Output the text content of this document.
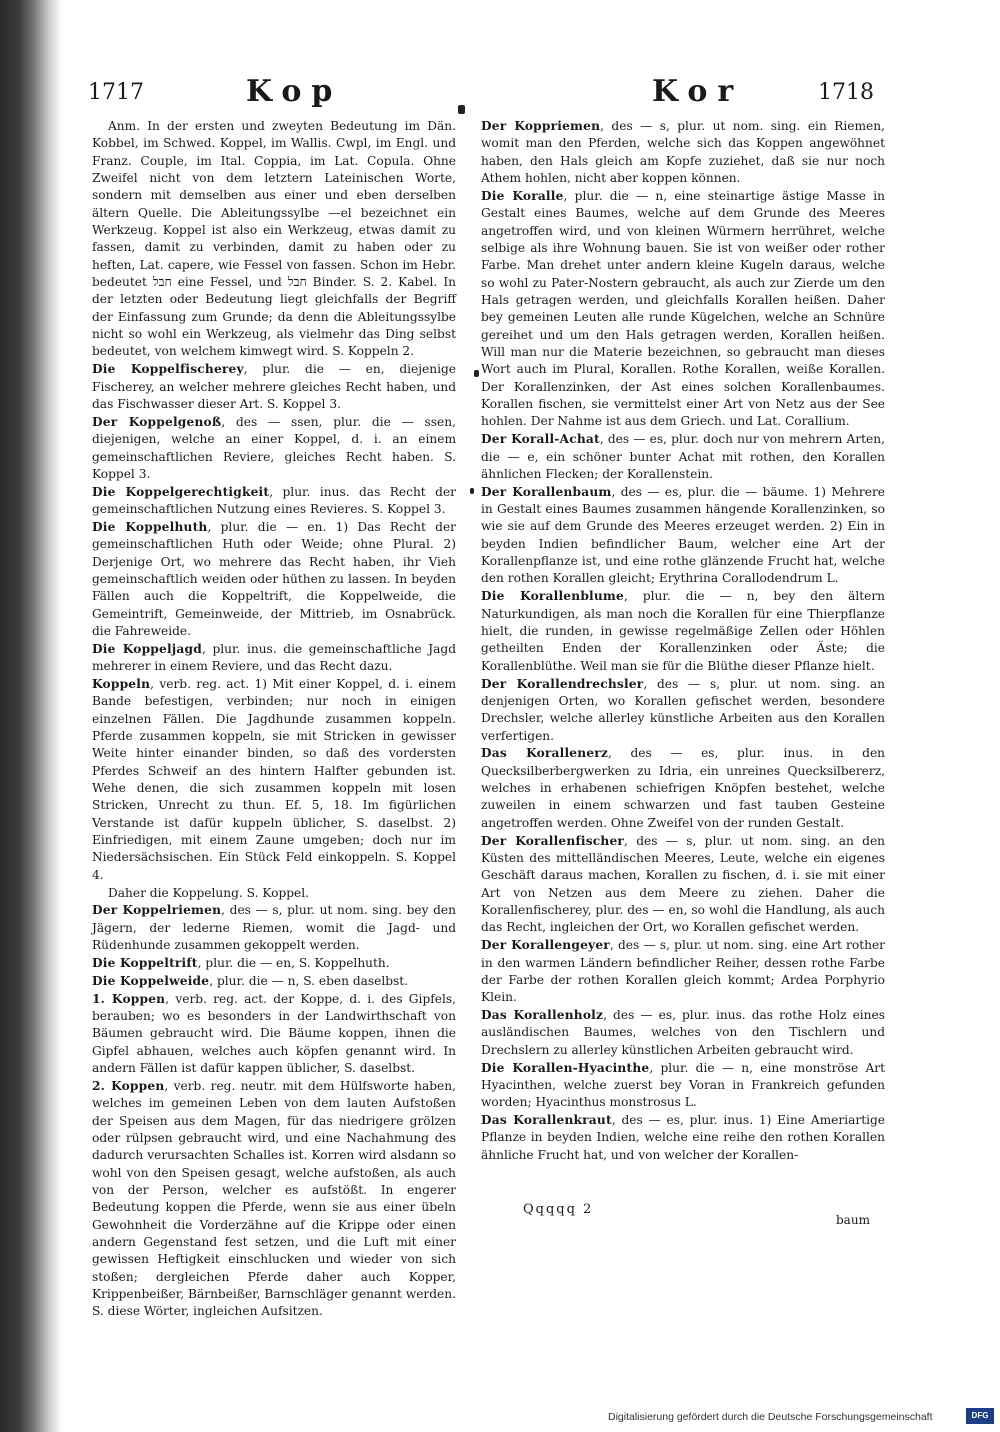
1717	Kop	Kor	1718

Anm. In der ersten und zweyten Bedeutung im Dän. Kobbel, im Schwed. Koppel, im Wallis. Cwpl, im Engl. und Franz. Couple, im Ital. Coppia, im Lat. Copula. Ohne Zweifel nicht von dem letztern Lateinischen Worte, sondern mit demselben aus einer und eben derselben ältern Quelle. Die Ableitungssylbe —el bezeichnet ein Werkzeug. Koppel ist also ein Werkzeug, etwas damit zu fassen, damit zu verbinden, damit zu haben oder zu heften, Lat. capere, wie Fessel von fassen. Schon im Hebr. bedeutet חבל eine Fessel, und חבל Binder. S. 2. Kabel. In der letzten oder Bedeutung liegt gleichfalls der Begriff der Einfassung zum Grunde; da denn die Ableitungssylbe nicht so wohl ein Werkzeug, als vielmehr das Ding selbst bedeutet, von welchem kimwegt wird. S. Koppeln 2.

Die Koppelfischerey, plur. die — en, diejenige Fischerey, an welcher mehrere gleiches Recht haben, und das Fischwasser dieser Art. S. Koppel 3.

Der Koppelgenoß, des — ssen, plur. die — ssen, diejenigen, welche an einer Koppel, d. i. an einem gemeinschaftlichen Reviere, gleiches Recht haben. S. Koppel 3.

Die Koppelgerechtigkeit, plur. inus. das Recht der gemeinschaftlichen Nutzung eines Revieres. S. Koppel 3.

Die Koppelhuth, plur. die — en. 1) Das Recht der gemeinschaftlichen Huth oder Weide; ohne Plural. 2) Derjenige Ort, wo mehrere das Recht haben, ihr Vieh gemeinschaftlich weiden oder hüthen zu lassen. In beyden Fällen auch die Koppeltrift, die Koppelweide, die Gemeintrift, Gemeinweide, der Mittrieb, im Osnabrück. die Fahreweide.

Die Koppeljagd, plur. inus. die gemeinschaftliche Jagd mehrerer in einem Reviere, und das Recht dazu.

Koppeln, verb. reg. act. 1) Mit einer Koppel, d. i. einem Bande befestigen, verbinden; nur noch in einigen einzelnen Fällen. Die Jagdhunde zusammen koppeln. Pferde zusammen koppeln, sie mit Stricken in gewisser Weite hinter einander binden, so daß des vordersten Pferdes Schweif an des hintern Halfter gebunden ist. Wehe denen, die sich zusammen koppeln mit losen Stricken, Unrecht zu thun. Ef. 5, 18. Im figürlichen Verstande ist dafür kuppeln üblicher, S. daselbst. 2) Einfriedigen, mit einem Zaune umgeben; doch nur im Niedersächsischen. Ein Stück Feld einkoppeln. S. Koppel 4.

Daher die Koppelung. S. Koppel.

Der Koppelriemen, des — s, plur. ut nom. sing. bey den Jägern, der lederne Riemen, womit die Jagd- und Rüdenhunde zusammen gekoppelt werden.

Die Koppeltrift, plur. die — en, S. Koppelhuth.

Die Koppelweide, plur. die — n, S. eben daselbst.

1. Koppen, verb. reg. act. der Koppe, d. i. des Gipfels, berauben; wo es besonders in der Landwirthschaft von Bäumen gebraucht wird. Die Bäume koppen, ihnen die Gipfel abhauen, welches auch köpfen genannt wird. In andern Fällen ist dafür kappen üblicher, S. daselbst.

2. Koppen, verb. reg. neutr. mit dem Hülfsworte haben, welches im gemeinen Leben von dem lauten Aufstoßen der Speisen aus dem Magen, für das niedrigere grölzen oder rülpsen gebraucht wird, und eine Nachahmung des dadurch verursachten Schalles ist. Korren wird alsdann so wohl von den Speisen gesagt, welche aufstoßen, als auch von der Person, welcher es aufstößt. In engerer Bedeutung koppen die Pferde, wenn sie aus einer übeln Gewohnheit die Vorderzähne auf die Krippe oder einen andern Gegenstand fest setzen, und die Luft mit einer gewissen Heftigkeit einschlucken und wieder von sich stoßen; dergleichen Pferde daher auch Kopper, Krippenbeißer, Bärnbeißer, Barnschläger genannt werden. S. diese Wörter, ingleichen Aufsitzen.

Der Koppriemen, des — s, plur. ut nom. sing. ein Riemen, womit man den Pferden, welche sich das Koppen angewöhnet haben, den Hals gleich am Kopfe zuziehet, daß sie nur noch Athem hohlen, nicht aber koppen können.

Die Koralle, plur. die — n, eine steinartige ästige Masse in Gestalt eines Baumes, welche auf dem Grunde des Meeres angetroffen wird, und von kleinen Würmern herrühret, welche selbige als ihre Wohnung bauen. Sie ist von weißer oder rother Farbe. Man drehet unter andern kleine Kugeln daraus, welche so wohl zu Pater-Nostern gebraucht, als auch zur Zierde um den Hals getragen werden, und gleichfalls Korallen heißen. Daher bey gemeinen Leuten alle runde Kügelchen, welche an Schnüre gereihet und um den Hals getragen werden, Korallen heißen. Will man nur die Materie bezeichnen, so gebraucht man dieses Wort auch im Plural, Korallen. Rothe Korallen, weiße Korallen. Der Korallenzinken, der Ast eines solchen Korallenbaumes. Korallen fischen, sie vermittelst einer Art von Netz aus der See hohlen. Der Nahme ist aus dem Griech. und Lat. Corallium.

Der Korall-Achat, des — es, plur. doch nur von mehrern Arten, die — e, ein schöner bunter Achat mit rothen, den Korallen ähnlichen Flecken; der Korallenstein.

Der Korallenbaum, des — es, plur. die — bäume. 1) Mehrere in Gestalt eines Baumes zusammen hängende Korallenzinken, so wie sie auf dem Grunde des Meeres erzeuget werden. 2) Ein in beyden Indien befindlicher Baum, welcher eine Art der Korallenpflanze ist, und eine rothe glänzende Frucht hat, welche den rothen Korallen gleicht; Erythrina Corallodendrum L.

Die Korallenblume, plur. die — n, bey den ältern Naturkundigen, als man noch die Korallen für eine Thierpflanze hielt, die runden, in gewisse regelmäßige Zellen oder Höhlen getheilten Enden der Korallenzinken oder Äste; die Korallenblüthe. Weil man sie für die Blüthe dieser Pflanze hielt.

Der Korallendrechsler, des — s, plur. ut nom. sing. an denjenigen Orten, wo Korallen gefischet werden, besondere Drechsler, welche allerley künstliche Arbeiten aus den Korallen verfertigen.

Das Korallenerz, des — es, plur. inus. in den Quecksilberbergwerken zu Idria, ein unreines Quecksilbererz, welches in erhabenen schiefrigen Knöpfen bestehet, welche zuweilen in einem schwarzen und fast tauben Gesteine angetroffen werden. Ohne Zweifel von der runden Gestalt.

Der Korallenfischer, des — s, plur. ut nom. sing. an den Küsten des mittelländischen Meeres, Leute, welche ein eigenes Geschäft daraus machen, Korallen zu fischen, d. i. sie mit einer Art von Netzen aus dem Meere zu ziehen. Daher die Korallenfischerey, plur. des — en, so wohl die Handlung, als auch das Recht, ingleichen der Ort, wo Korallen gefischet werden.

Der Korallengeyer, des — s, plur. ut nom. sing. eine Art rother in den warmen Ländern befindlicher Reiher, dessen rothe Farbe der Farbe der rothen Korallen gleich kommt; Ardea Porphyrio Klein.

Das Korallenholz, des — es, plur. inus. das rothe Holz eines ausländischen Baumes, welches von den Tischlern und Drechslern zu allerley künstlichen Arbeiten gebraucht wird.

Die Korallen-Hyacinthe, plur. die — n, eine monströse Art Hyacinthen, welche zuerst bey Voran in Frankreich gefunden worden; Hyacinthus monstrosus L.

Das Korallenkraut, des — es, plur. inus. 1) Eine Ameriartige Pflanze in beyden Indien, welche eine reihe den rothen Korallen ähnliche Frucht hat, und von welcher der Korallen-

Qqqqq 2
baum
Digitalisierung gefördert durch die Deutsche Forschungsgemeinschaft	DFG
